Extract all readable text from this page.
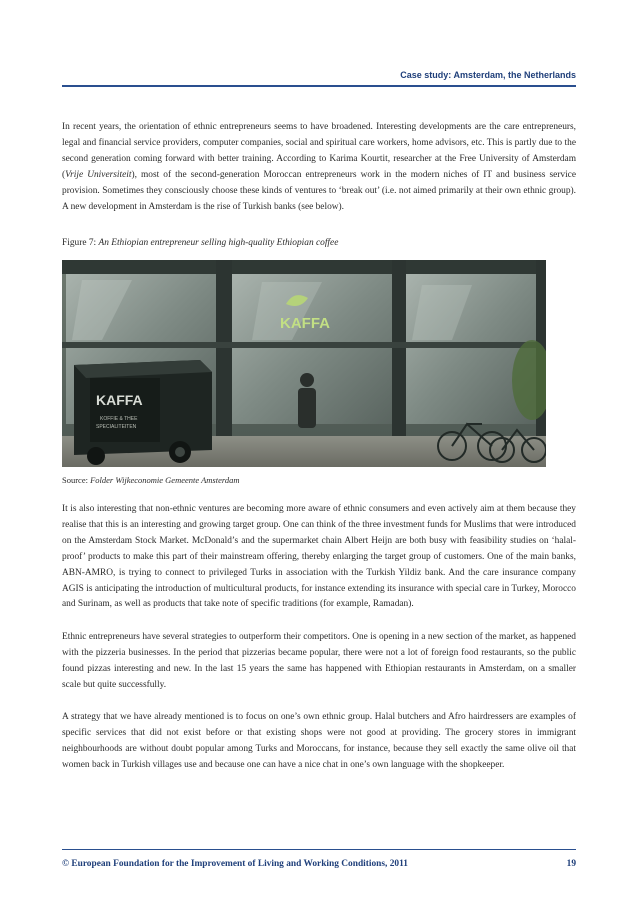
Case study: Amsterdam, the Netherlands

In recent years, the orientation of ethnic entrepreneurs seems to have broadened. Interesting developments are the care entrepreneurs, legal and financial service providers, computer companies, social and spiritual care workers, home advisors, etc. This is partly due to the second generation coming forward with better training. According to Karima Kourtit, researcher at the Free University of Amsterdam (Vrije Universiteit), most of the second-generation Moroccan entrepreneurs work in the modern niches of IT and business service provision. Sometimes they consciously choose these kinds of ventures to ‘break out’ (i.e. not aimed primarily at their own ethnic group). A new development in Amsterdam is the rise of Turkish banks (see below).

Figure 7: An Ethiopian entrepreneur selling high-quality Ethiopian coffee
KAFFA
KAFFA
KOFFIE & THEE
SPECIALITEITEN
Source: Folder Wijkeconomie Gemeente Amsterdam

It is also interesting that non-ethnic ventures are becoming more aware of ethnic consumers and even actively aim at them because they realise that this is an interesting and growing target group. One can think of the three investment funds for Muslims that were introduced on the Amsterdam Stock Market. McDonald’s and the supermarket chain Albert Heijn are both busy with feasibility studies on ‘halal-proof’ products to make this part of their mainstream offering, thereby enlarging the target group of customers. One of the main banks, ABN-AMRO, is trying to connect to privileged Turks in association with the Turkish Yildiz bank. And the care insurance company AGIS is anticipating the introduction of multicultural products, for instance extending its insurance with special care in Turkey, Morocco and Surinam, as well as products that take note of specific traditions (for example, Ramadan).

Ethnic entrepreneurs have several strategies to outperform their competitors. One is opening in a new section of the market, as happened with the pizzeria businesses. In the period that pizzerias became popular, there were not a lot of foreign food restaurants, so the public found pizzas interesting and new. In the last 15 years the same has happened with Ethiopian restaurants in Amsterdam, on a smaller scale but quite successfully.

A strategy that we have already mentioned is to focus on one’s own ethnic group. Halal butchers and Afro hairdressers are examples of specific services that did not exist before or that existing shops were not good at providing. The grocery stores in immigrant neighbourhoods are without doubt popular among Turks and Moroccans, for instance, because they sell exactly the same olive oil that women back in Turkish villages use and because one can have a nice chat in one’s own language with the shopkeeper.

© European Foundation for the Improvement of Living and Working Conditions, 2011	19
